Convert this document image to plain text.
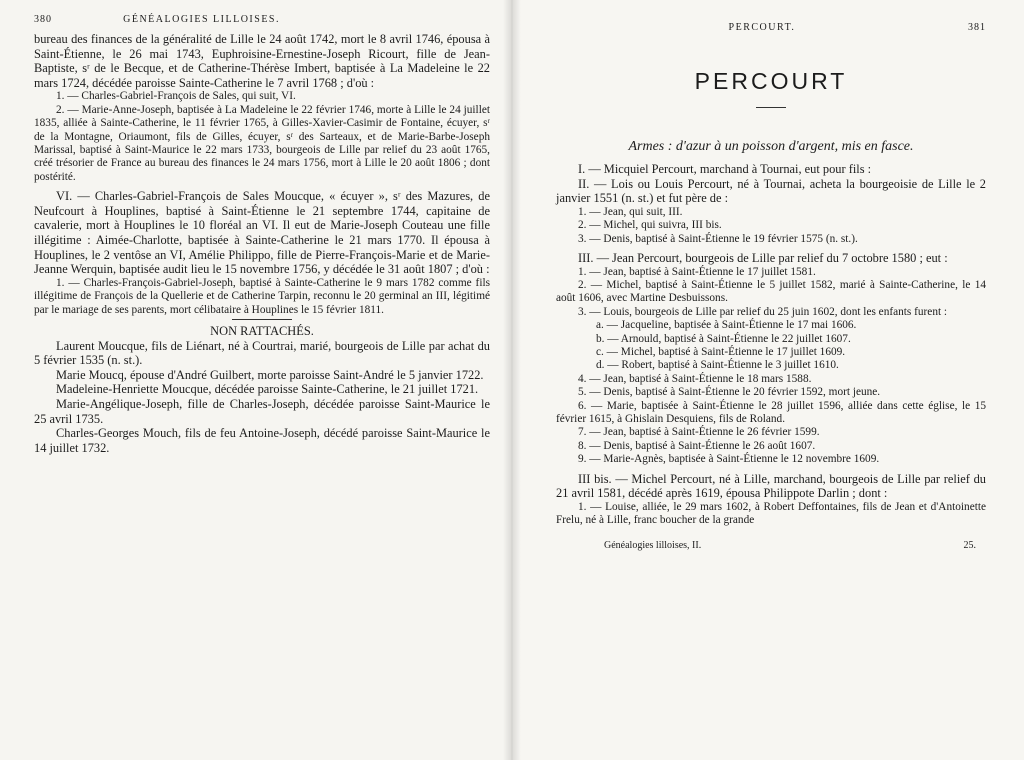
380	GÉNÉALOGIES LILLOISES.

bureau des finances de la généralité de Lille le 24 août 1742, mort le 8 avril 1746, épousa à Saint-Étienne, le 26 mai 1743, Euphroisine-Ernestine-Joseph Ricourt, fille de Jean-Baptiste, sʳ de le Becque, et de Catherine-Thérèse Imbert, baptisée à La Madeleine le 22 mars 1724, décédée paroisse Sainte-Catherine le 7 avril 1768 ; d'où :

1. — Charles-Gabriel-François de Sales, qui suit, VI.

2. — Marie-Anne-Joseph, baptisée à La Madeleine le 22 février 1746, morte à Lille le 24 juillet 1835, alliée à Sainte-Catherine, le 11 février 1765, à Gilles-Xavier-Casimir de Fontaine, écuyer, sʳ de la Montagne, Oriaumont, fils de Gilles, écuyer, sʳ des Sarteaux, et de Marie-Barbe-Joseph Marissal, baptisé à Saint-Maurice le 22 mars 1733, bourgeois de Lille par relief du 23 août 1765, créé trésorier de France au bureau des finances le 24 mars 1756, mort à Lille le 20 août 1806 ; dont postérité.

VI. — Charles-Gabriel-François de Sales Moucque, « écuyer », sʳ des Mazures, de Neufcourt à Houplines, baptisé à Saint-Étienne le 21 septembre 1744, capitaine de cavalerie, mort à Houplines le 10 floréal an VI. Il eut de Marie-Joseph Couteau une fille illégitime : Aimée-Charlotte, baptisée à Sainte-Catherine le 21 mars 1770. Il épousa à Houplines, le 2 ventôse an VI, Amélie Philippo, fille de Pierre-François-Marie et de Marie-Jeanne Werquin, baptisée audit lieu le 15 novembre 1756, y décédée le 31 août 1807 ; d'où :

1. — Charles-François-Gabriel-Joseph, baptisé à Sainte-Catherine le 9 mars 1782 comme fils illégitime de François de la Quellerie et de Catherine Tarpin, reconnu le 20 germinal an III, légitimé par le mariage de ses parents, mort célibataire à Houplines le 15 février 1811.

NON RATTACHÉS.

Laurent Moucque, fils de Liénart, né à Courtrai, marié, bourgeois de Lille par achat du 5 février 1535 (n. st.).

Marie Moucq, épouse d'André Guilbert, morte paroisse Saint-André le 5 janvier 1722.

Madeleine-Henriette Moucque, décédée paroisse Sainte-Catherine, le 21 juillet 1721.

Marie-Angélique-Joseph, fille de Charles-Joseph, décédée paroisse Saint-Maurice le 25 avril 1735.

Charles-Georges Mouch, fils de feu Antoine-Joseph, décédé paroisse Saint-Maurice le 14 juillet 1732.

PERCOURT.	381
PERCOURT

Armes : d'azur à un poisson d'argent, mis en fasce.

I. — Micquiel Percourt, marchand à Tournai, eut pour fils :

II. — Lois ou Louis Percourt, né à Tournai, acheta la bourgeoisie de Lille le 2 janvier 1551 (n. st.) et fut père de :

1. — Jean, qui suit, III.

2. — Michel, qui suivra, III bis.

3. — Denis, baptisé à Saint-Étienne le 19 février 1575 (n. st.).

III. — Jean Percourt, bourgeois de Lille par relief du 7 octobre 1580 ; eut :

1. — Jean, baptisé à Saint-Étienne le 17 juillet 1581.

2. — Michel, baptisé à Saint-Étienne le 5 juillet 1582, marié à Sainte-Catherine, le 14 août 1606, avec Martine Desbuissons.

3. — Louis, bourgeois de Lille par relief du 25 juin 1602, dont les enfants furent :

a. — Jacqueline, baptisée à Saint-Étienne le 17 mai 1606.

b. — Arnould, baptisé à Saint-Étienne le 22 juillet 1607.

c. — Michel, baptisé à Saint-Étienne le 17 juillet 1609.

d. — Robert, baptisé à Saint-Étienne le 3 juillet 1610.

4. — Jean, baptisé à Saint-Étienne le 18 mars 1588.

5. — Denis, baptisé à Saint-Étienne le 20 février 1592, mort jeune.

6. — Marie, baptisée à Saint-Étienne le 28 juillet 1596, alliée dans cette église, le 15 février 1615, à Ghislain Desquiens, fils de Roland.

7. — Jean, baptisé à Saint-Étienne le 26 février 1599.

8. — Denis, baptisé à Saint-Étienne le 26 août 1607.

9. — Marie-Agnès, baptisée à Saint-Étienne le 12 novembre 1609.

III bis. — Michel Percourt, né à Lille, marchand, bourgeois de Lille par relief du 21 avril 1581, décédé après 1619, épousa Philippote Darlin ; dont :

1. — Louise, alliée, le 29 mars 1602, à Robert Deffontaines, fils de Jean et d'Antoinette Frelu, né à Lille, franc boucher de la grande

Généalogies lilloises, II.	25.
